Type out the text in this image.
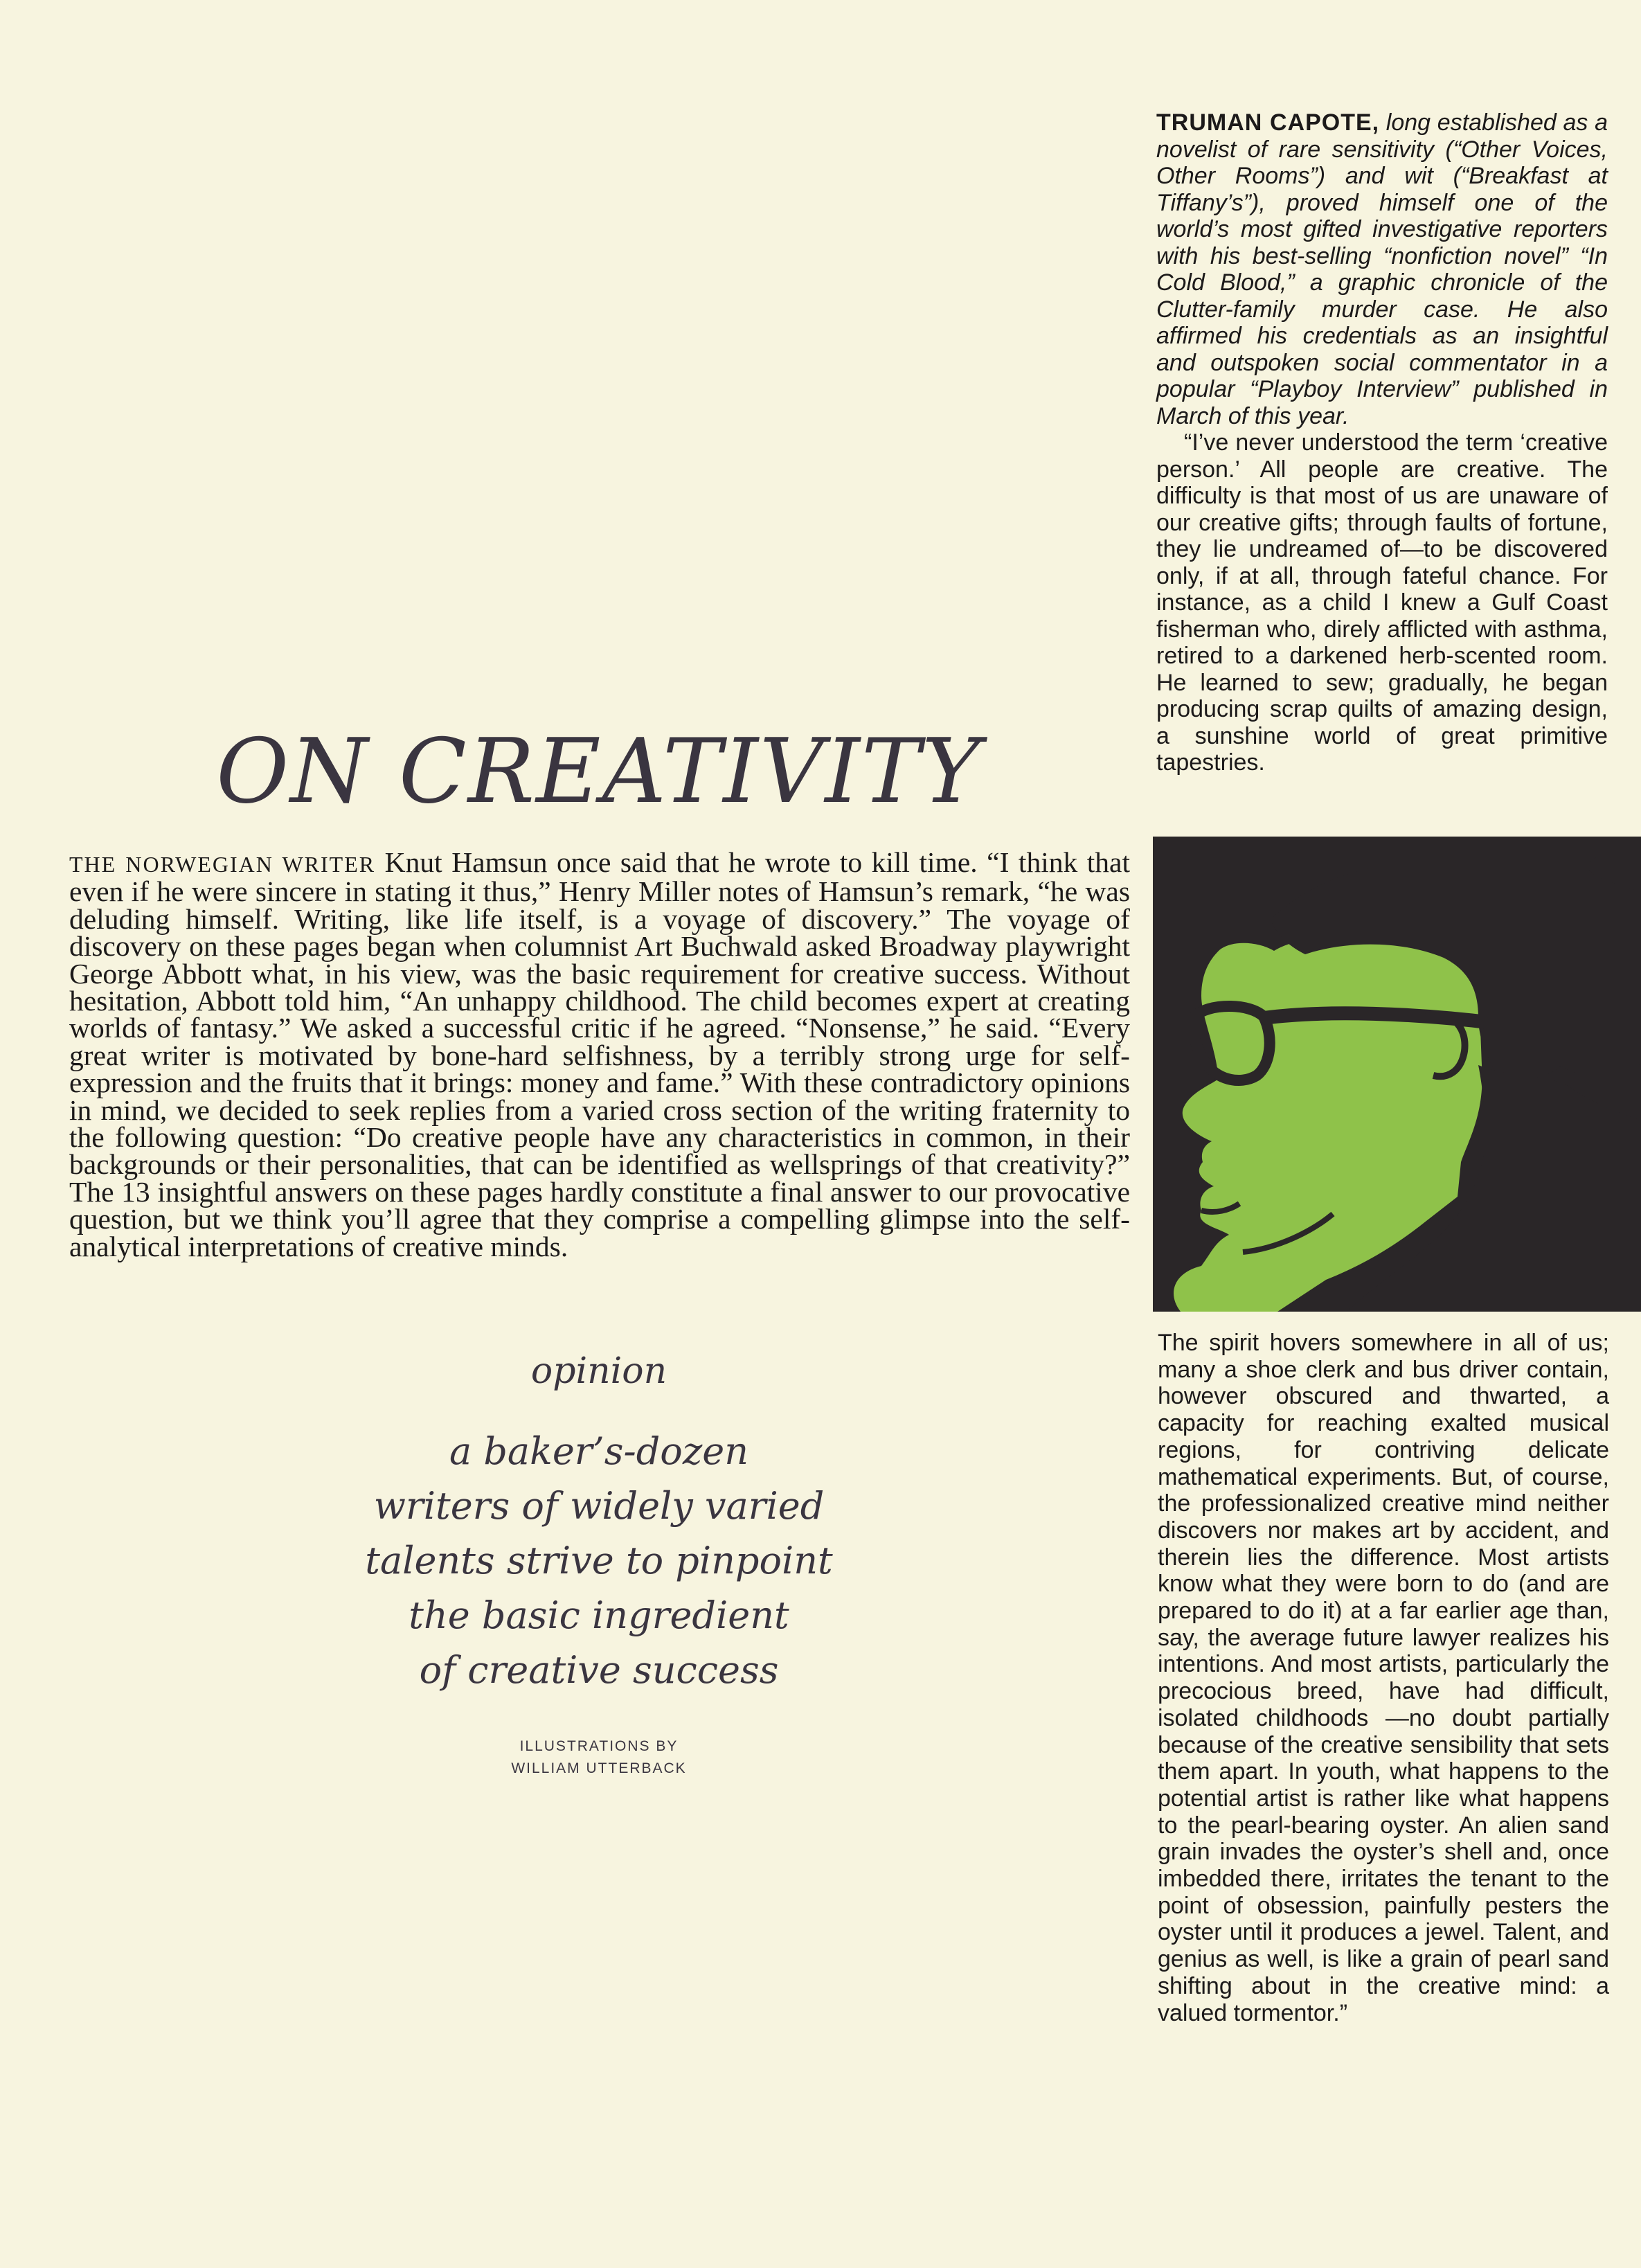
TRUMAN CAPOTE, long established as a novelist of rare sensitivity (“Other Voices, Other Rooms”) and wit (“Breakfast at Tiffany’s”), proved himself one of the world’s most gifted investigative reporters with his best-selling “nonfiction novel” “In Cold Blood,” a graphic chronicle of the Clutter-family murder case. He also affirmed his credentials as an insightful and outspoken social commentator in a popular “Playboy Interview” published in March of this year.

“I’ve never understood the term ‘creative person.’ All people are creative. The difficulty is that most of us are unaware of our creative gifts; through faults of fortune, they lie undreamed of—to be discovered only, if at all, through fateful chance. For instance, as a child I knew a Gulf Coast fisherman who, direly afflicted with asthma, retired to a darkened herb-scented room. He learned to sew; gradually, he began producing scrap quilts of amazing design, a sunshine world of great primitive tapestries.

The spirit hovers somewhere in all of us; many a shoe clerk and bus driver contain, however obscured and thwarted, a capacity for reaching exalted musical regions, for contriving delicate mathematical experiments. But, of course, the professionalized creative mind neither discovers nor makes art by accident, and therein lies the difference. Most artists know what they were born to do (and are prepared to do it) at a far earlier age than, say, the average future lawyer realizes his intentions. And most artists, particularly the precocious breed, have had difficult, isolated childhoods —no doubt partially because of the creative sensibility that sets them apart. In youth, what happens to the potential artist is rather like what happens to the pearl-bearing oyster. An alien sand grain invades the oyster’s shell and, once imbedded there, irritates the tenant to the point of obsession, painfully pesters the oyster until it produces a jewel. Talent, and genius as well, is like a grain of pearl sand shifting about in the creative mind: a valued tormentor.”

ON CREATIVITY

THE NORWEGIAN WRITER Knut Hamsun once said that he wrote to kill time. “I think that even if he were sincere in stating it thus,” Henry Miller notes of Hamsun’s remark, “he was deluding himself. Writing, like life itself, is a voyage of discovery.” The voyage of discovery on these pages began when columnist Art Buchwald asked Broadway playwright George Abbott what, in his view, was the basic requirement for creative success. Without hesitation, Abbott told him, “An unhappy childhood. The child becomes expert at creating worlds of fantasy.” We asked a successful critic if he agreed. “Nonsense,” he said. “Every great writer is motivated by bone-hard selfishness, by a terribly strong urge for self-expression and the fruits that it brings: money and fame.” With these contradictory opinions in mind, we decided to seek replies from a varied cross section of the writing fraternity to the following question: “Do creative people have any characteristics in common, in their backgrounds or their personalities, that can be identified as wellsprings of that creativity?” The 13 insightful answers on these pages hardly constitute a final answer to our provocative question, but we think you’ll agree that they comprise a compelling glimpse into the self-analytical interpretations of creative minds.

opinion

a baker’s-dozen

writers of widely varied

talents strive to pinpoint

the basic ingredient

of creative success

ILLUSTRATIONS BY
WILLIAM UTTERBACK
